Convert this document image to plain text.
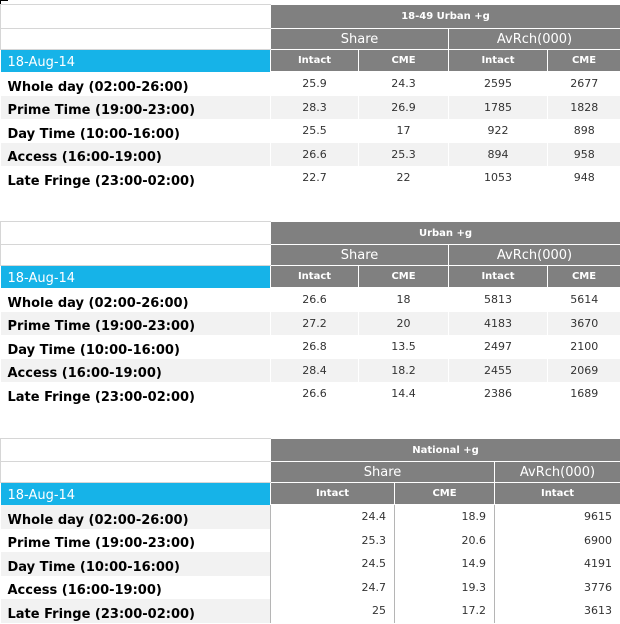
	18-49 Urban +g			
	Share		AvRch(000)	
18-Aug-14	Intact	CME	Intact	CME
Whole day (02:00-26:00)	25.9	24.3	2595	2677
Prime Time (19:00-23:00)	28.3	26.9	1785	1828
Day Time (10:00-16:00)	25.5	17	922	898
Access (16:00-19:00)	26.6	25.3	894	958
Late Fringe (23:00-02:00)	22.7	22	1053	948
	Urban +g			
	Share		AvRch(000)	
18-Aug-14	Intact	CME	Intact	CME
Whole day (02:00-26:00)	26.6	18	5813	5614
Prime Time (19:00-23:00)	27.2	20	4183	3670
Day Time (10:00-16:00)	26.8	13.5	2497	2100
Access (16:00-19:00)	28.4	18.2	2455	2069
Late Fringe (23:00-02:00)	26.6	14.4	2386	1689
	National +g		
	Share		AvRch(000)
18-Aug-14	Intact	CME	Intact
Whole day (02:00-26:00)	24.4	18.9	9615
Prime Time (19:00-23:00)	25.3	20.6	6900
Day Time (10:00-16:00)	24.5	14.9	4191
Access (16:00-19:00)	24.7	19.3	3776
Late Fringe (23:00-02:00)	25	17.2	3613
